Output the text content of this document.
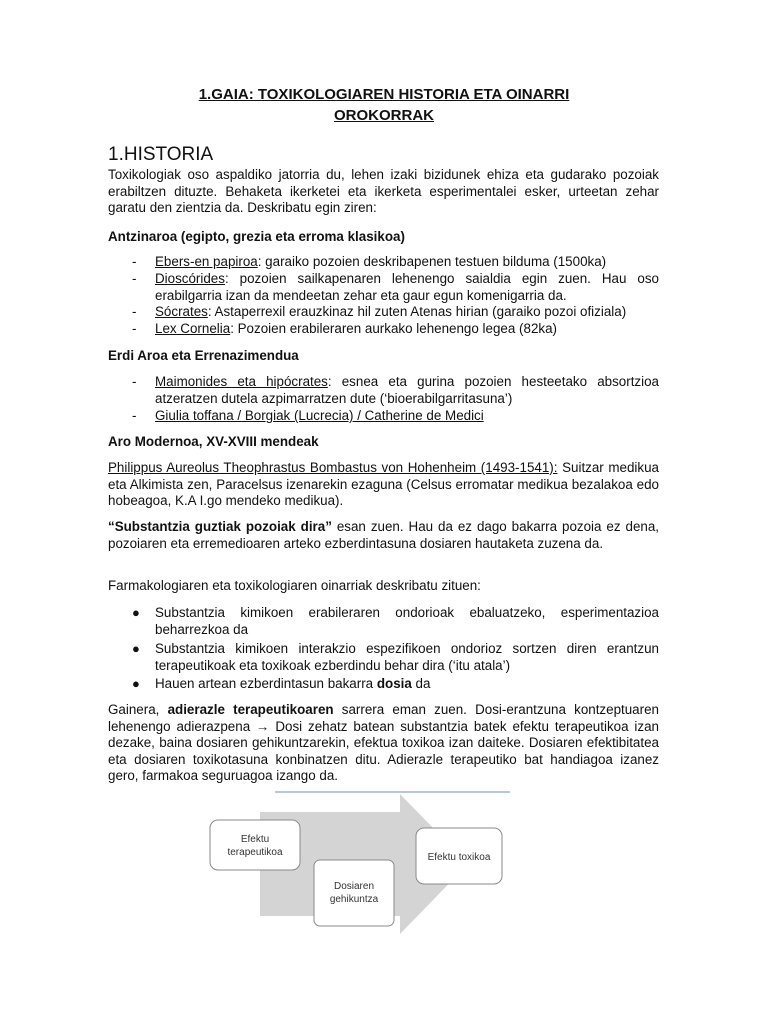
1.GAIA: TOXIKOLOGIAREN HISTORIA ETA OINARRI
OROKORRAK
1.HISTORIA
Toxikologiak oso aspaldiko jatorria du, lehen izaki bizidunek ehiza eta gudarako pozoiak erabiltzen dituzte. Behaketa ikerketei eta ikerketa esperimentalei esker, urteetan zehar garatu den zientzia da. Deskribatu egin ziren:
Antzinaroa (egipto, grezia eta erroma klasikoa)
- Ebers-en papiroa: garaiko pozoien deskribapenen testuen bilduma (1500ka)
- Dioscórides: pozoien sailkapenaren lehenengo saialdia egin zuen. Hau oso erabilgarria izan da mendeetan zehar eta gaur egun komenigarria da.
- Sócrates: Astaperrexil erauzkinaz hil zuten Atenas hirian (garaiko pozoi ofiziala)
- Lex Cornelia: Pozoien erabileraren aurkako lehenengo legea (82ka)
Erdi Aroa eta Errenazimendua
- Maimonides eta hipócrates: esnea eta gurina pozoien hesteetako absortzioa atzeratzen dutela azpimarratzen dute (‘bioerabilgarritasuna’)
- Giulia toffana / Borgiak (Lucrecia) / Catherine de Medici
Aro Modernoa, XV-XVIII mendeak
Philippus Aureolus Theophrastus Bombastus von Hohenheim (1493-1541): Suitzar medikua eta Alkimista zen, Paracelsus izenarekin ezaguna (Celsus erromatar medikua bezalakoa edo hobeagoa, K.A I.go mendeko medikua).
“Substantzia guztiak pozoiak dira” esan zuen. Hau da ez dago bakarra pozoia ez dena, pozoiaren eta erremedioaren arteko ezberdintasuna dosiaren hautaketa zuzena da.
Farmakologiaren eta toxikologiaren oinarriak deskribatu zituen:
● Substantzia kimikoen erabileraren ondorioak ebaluatzeko, esperimentazioa beharrezkoa da
● Substantzia kimikoen interakzio espezifikoen ondorioz sortzen diren erantzun terapeutikoak eta toxikoak ezberdindu behar dira (‘itu atala’)
● Hauen artean ezberdintasun bakarra dosia da
Gainera, adierazle terapeutikoaren sarrera eman zuen. Dosi-erantzuna kontzeptuaren lehenengo adierazpena → Dosi zehatz batean substantzia batek efektu terapeutikoa izan dezake, baina dosiaren gehikuntzarekin, efektua toxikoa izan daiteke. Dosiaren efektibitatea eta dosiaren toxikotasuna konbinatzen ditu. Adierazle terapeutiko bat handiagoa izanez gero, farmakoa seguruagoa izango da.
Efektu
terapeutikoa	Efektu toxikoa
Dosiaren
gehikuntza
